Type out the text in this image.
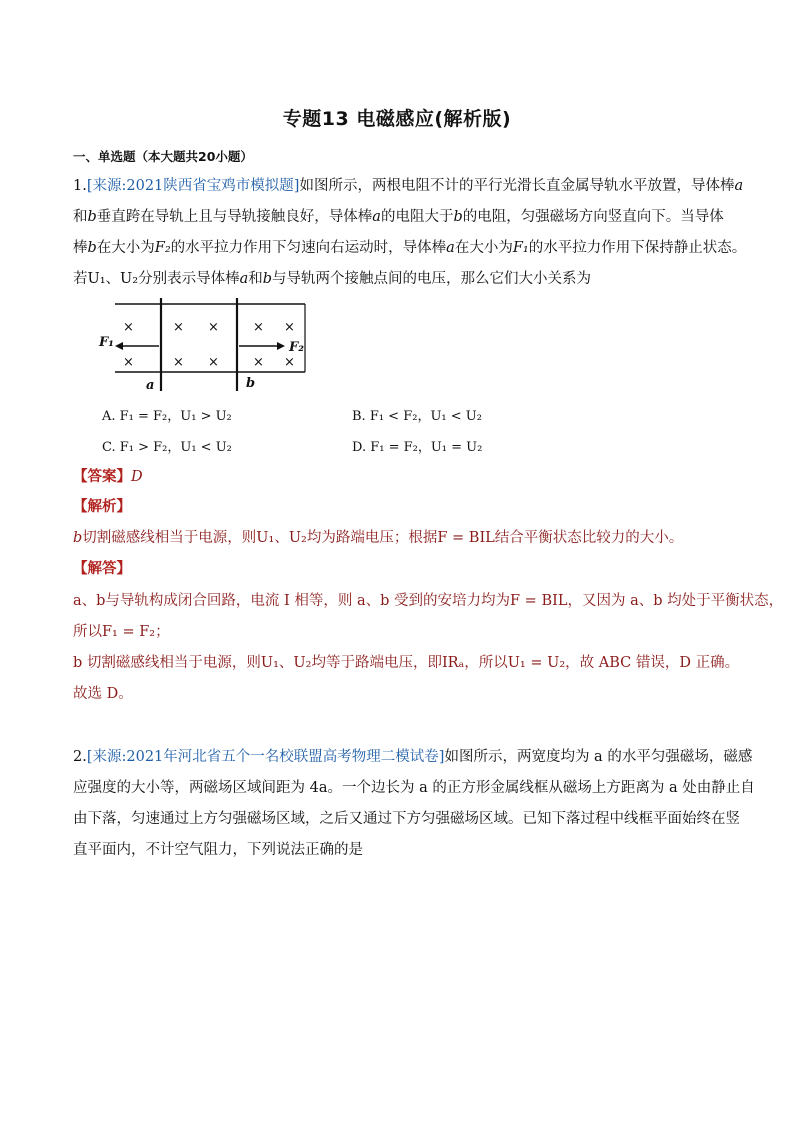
专题13 电磁感应(解析版)
一、单选题（本大题共20小题）
1.[来源:2021陕西省宝鸡市模拟题]如图所示，两根电阻不计的平行光滑长直金属导轨水平放置，导体棒a
和b垂直跨在导轨上且与导轨接触良好，导体棒a的电阻大于b的电阻，匀强磁场方向竖直向下。当导体
棒b在大小为F₂的水平拉力作用下匀速向右运动时，导体棒a在大小为F₁的水平拉力作用下保持静止状态。
若U₁、U₂分别表示导体棒a和b与导轨两个接触点间的电压，那么它们大小关系为
×	× ×	× ×
×	× ×	× ×
F₁	F₂
a	b
A. F₁ = F₂，U₁ > U₂	B. F₁ < F₂，U₁ < U₂
C. F₁ > F₂，U₁ < U₂	D. F₁ = F₂，U₁ = U₂
【答案】D
【解析】
b切割磁感线相当于电源，则U₁、U₂均为路端电压；根据F = BIL结合平衡状态比较力的大小。
【解答】
a、b与导轨构成闭合回路，电流 I 相等，则 a、b 受到的安培力均为F = BIL，又因为 a、b 均处于平衡状态，
所以F₁ = F₂；
b 切割磁感线相当于电源，则U₁、U₂均等于路端电压，即IRₐ，所以U₁ = U₂，故 ABC 错误，D 正确。
故选 D。
2.[来源:2021年河北省五个一名校联盟高考物理二模试卷]如图所示，两宽度均为 a 的水平匀强磁场，磁感
应强度的大小等，两磁场区域间距为 4a。一个边长为 a 的正方形金属线框从磁场上方距离为 a 处由静止自
由下落，匀速通过上方匀强磁场区域，之后又通过下方匀强磁场区域。已知下落过程中线框平面始终在竖
直平面内，不计空气阻力，下列说法正确的是
